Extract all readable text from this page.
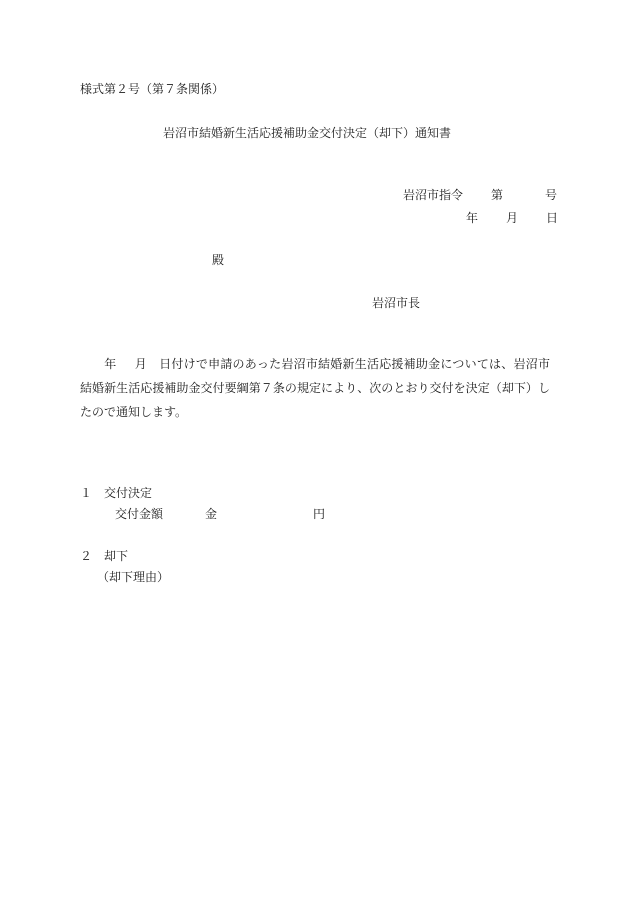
様式第２号（第７条関係）
岩沼市結婚新生活応援補助金交付決定（却下）通知書
岩沼市指令 第	号
年 月 日
殿
岩沼市長
年 月 日付けで申請のあった岩沼市結婚新生活応援補助金については、岩沼市結婚新生活応援補助金交付要綱第７条の規定により、次のとおり交付を決定（却下）したので通知します。
１ 交付決定
交付金額	金	円
２ 却下
（却下理由）
